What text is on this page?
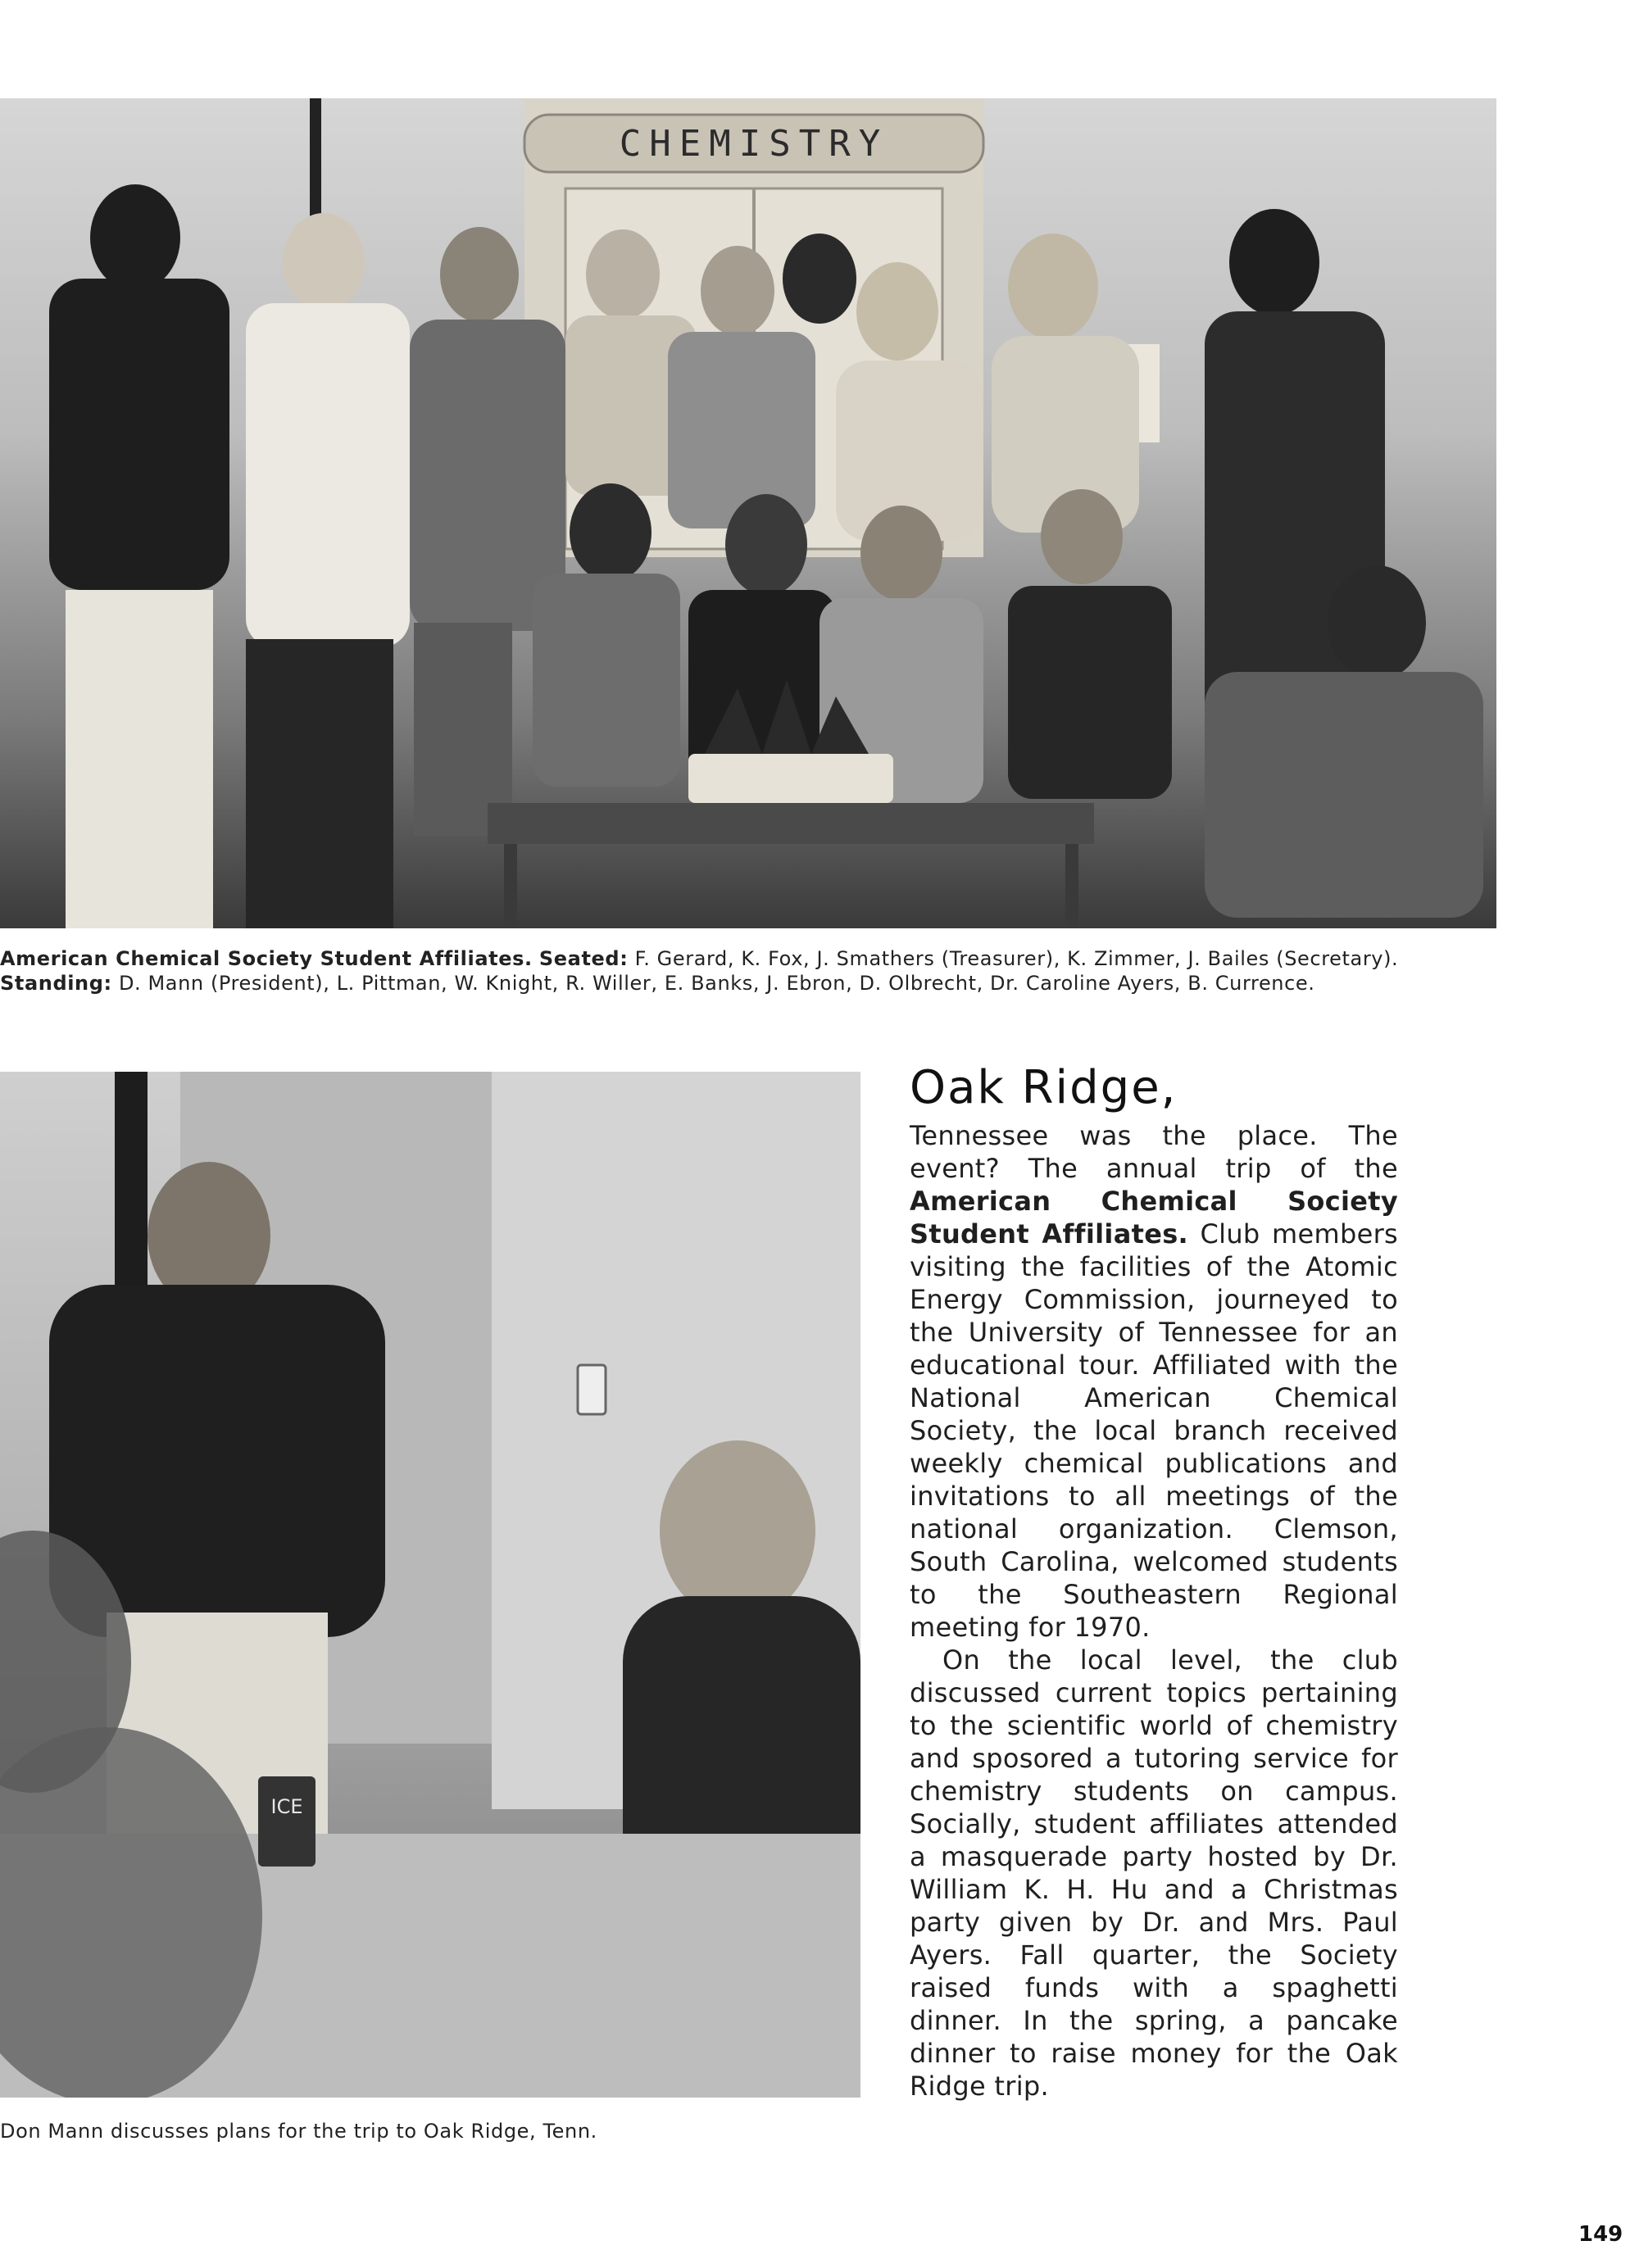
CHEMISTRY
American Chemical Society Student Affiliates. Seated: F. Gerard, K. Fox, J. Smathers (Treasurer), K. Zimmer, J. Bailes (Secretary).
Standing: D. Mann (President), L. Pittman, W. Knight, R. Willer, E. Banks, J. Ebron, D. Olbrecht, Dr. Caroline Ayers, B. Currence.
ICE
Don Mann discusses plans for the trip to Oak Ridge, Tenn.
Oak Ridge,

Tennessee was the place. The event? The annual trip of the American Chemical Society Student Affiliates. Club members visiting the facilities of the Atomic Energy Commission, journeyed to the University of Tennessee for an educational tour. Affiliated with the National American Chemical Society, the local branch received weekly chemical publications and invitations to all meetings of the national organization. Clemson, South Carolina, welcomed students to the Southeastern Regional meeting for 1970.

On the local level, the club discussed current topics pertaining to the scientific world of chemistry and sposored a tutoring service for chemistry students on campus. Socially, student affiliates attended a masquerade party hosted by Dr. William K. H. Hu and a Christmas party given by Dr. and Mrs. Paul Ayers. Fall quarter, the Society raised funds with a spaghetti dinner. In the spring, a pancake dinner to raise money for the Oak Ridge trip.

149
